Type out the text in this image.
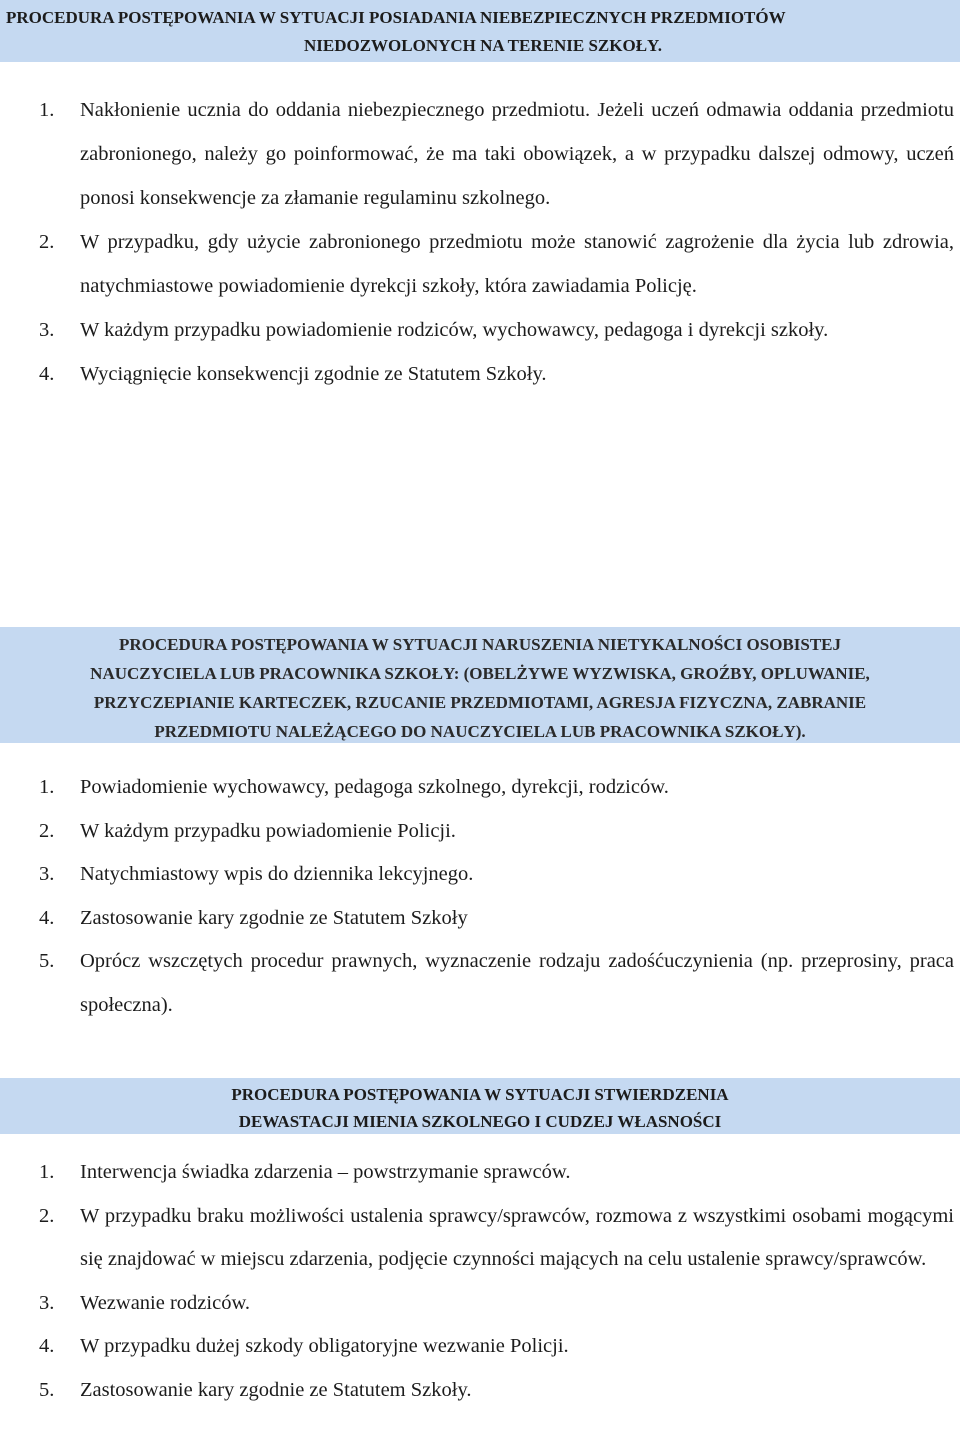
PROCEDURA POSTĘPOWANIA W SYTUACJI POSIADANIA NIEBEZPIECZNYCH PRZEDMIOTÓW
NIEDOZWOLONYCH NA TERENIE SZKOŁY.
1. Nakłonienie ucznia do oddania niebezpiecznego przedmiotu. Jeżeli uczeń odmawia oddania przedmiotu zabronionego, należy go poinformować, że ma taki obowiązek, a w przypadku dalszej odmowy, uczeń ponosi konsekwencje za złamanie regulaminu szkolnego.
2. W przypadku, gdy użycie zabronionego przedmiotu może stanowić zagrożenie dla życia lub zdrowia, natychmiastowe powiadomienie dyrekcji szkoły, która zawiadamia Policję.
3. W każdym przypadku powiadomienie rodziców, wychowawcy, pedagoga i dyrekcji szkoły.
4. Wyciągnięcie konsekwencji zgodnie ze Statutem Szkoły.
PROCEDURA POSTĘPOWANIA W SYTUACJI NARUSZENIA NIETYKALNOŚCI OSOBISTEJ
NAUCZYCIELA LUB PRACOWNIKA SZKOŁY: (OBELŻYWE WYZWISKA, GROŹBY, OPLUWANIE,
PRZYCZEPIANIE KARTECZEK, RZUCANIE PRZEDMIOTAMI, AGRESJA FIZYCZNA, ZABRANIE
PRZEDMIOTU NALEŻĄCEGO DO NAUCZYCIELA LUB PRACOWNIKA SZKOŁY).
1. Powiadomienie wychowawcy, pedagoga szkolnego, dyrekcji, rodziców.
2. W każdym przypadku powiadomienie Policji.
3. Natychmiastowy wpis do dziennika lekcyjnego.
4. Zastosowanie kary zgodnie ze Statutem Szkoły
5. Oprócz wszczętych procedur prawnych, wyznaczenie rodzaju zadośćuczynienia (np. przeprosiny, praca społeczna).
PROCEDURA POSTĘPOWANIA W SYTUACJI STWIERDZENIA
DEWASTACJI MIENIA SZKOLNEGO I CUDZEJ WŁASNOŚCI
1. Interwencja świadka zdarzenia – powstrzymanie sprawców.
2. W przypadku braku możliwości ustalenia sprawcy/sprawców, rozmowa z wszystkimi osobami mogącymi się znajdować w miejscu zdarzenia, podjęcie czynności mających na celu ustalenie sprawcy/sprawców.
3. Wezwanie rodziców.
4. W przypadku dużej szkody obligatoryjne wezwanie Policji.
5. Zastosowanie kary zgodnie ze Statutem Szkoły.
